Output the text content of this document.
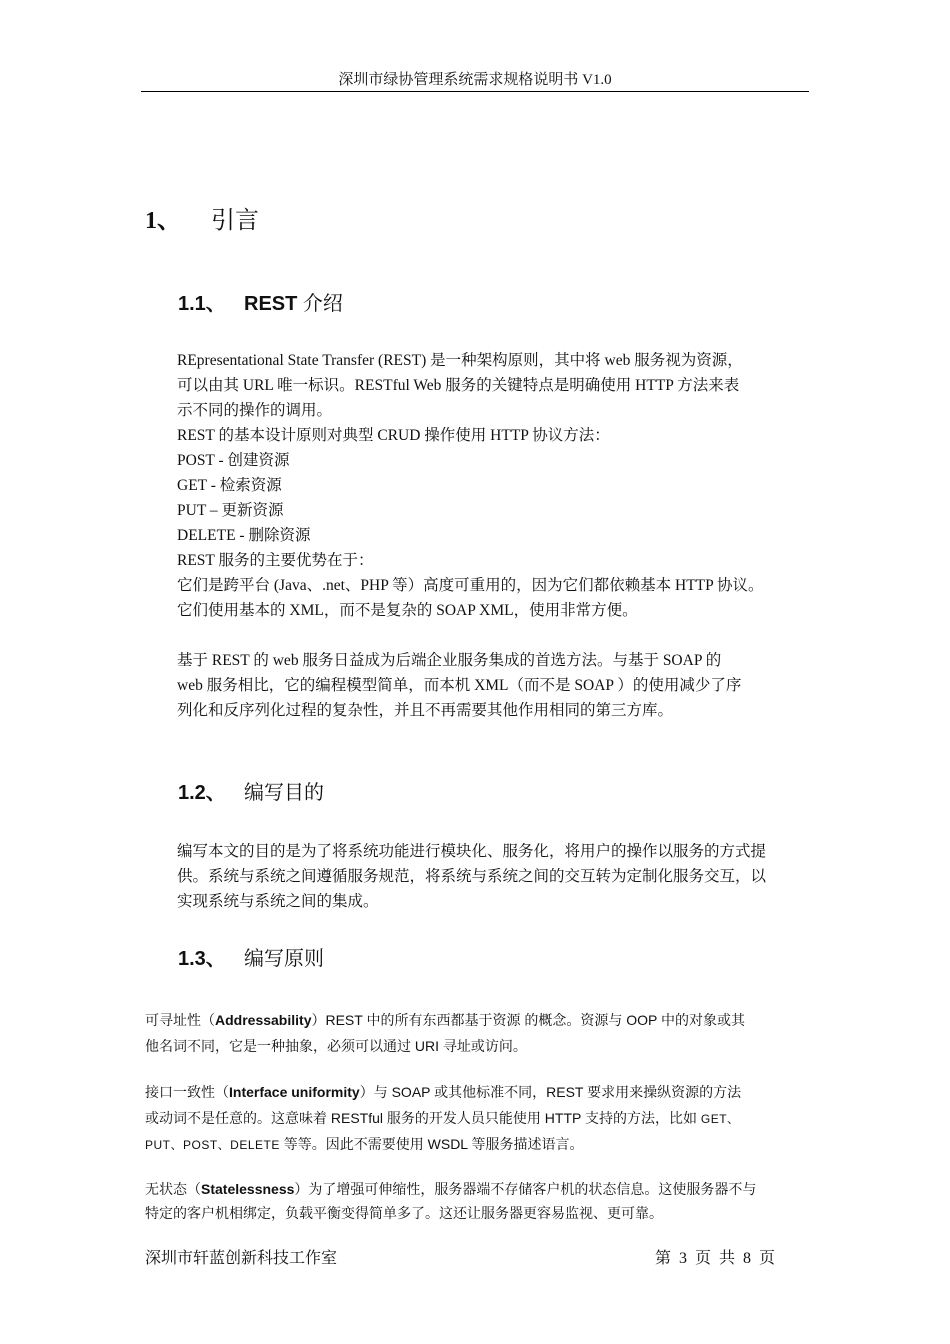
深圳市绿协管理系统需求规格说明书 V1.0
1、 引言
1.1、 REST 介绍

REpresentational State Transfer (REST) 是一种架构原则，其中将 web 服务视为资源，

可以由其 URL 唯一标识。RESTful Web 服务的关键特点是明确使用 HTTP 方法来表

示不同的操作的调用。

REST 的基本设计原则对典型 CRUD 操作使用 HTTP 协议方法：

POST - 创建资源

GET - 检索资源

PUT – 更新资源

DELETE - 删除资源

REST 服务的主要优势在于：

它们是跨平台 (Java、.net、PHP 等）高度可重用的，因为它们都依赖基本 HTTP 协议。

它们使用基本的 XML，而不是复杂的 SOAP XML，使用非常方便。

基于 REST 的 web 服务日益成为后端企业服务集成的首选方法。与基于 SOAP 的

web 服务相比，它的编程模型简单，而本机 XML（而不是 SOAP ）的使用减少了序

列化和反序列化过程的复杂性，并且不再需要其他作用相同的第三方库。

1.2、 编写目的

编写本文的目的是为了将系统功能进行模块化、服务化，将用户的操作以服务的方式提

供。系统与系统之间遵循服务规范，将系统与系统之间的交互转为定制化服务交互，以

实现系统与系统之间的集成。

1.3、 编写原则

可寻址性（Addressability）REST 中的所有东西都基于资源 的概念。资源与 OOP 中的对象或其

他名词不同，它是一种抽象，必须可以通过 URI 寻址或访问。

接口一致性（Interface uniformity）与 SOAP 或其他标准不同，REST 要求用来操纵资源的方法

或动词不是任意的。这意味着 RESTful 服务的开发人员只能使用 HTTP 支持的方法，比如 GET、

PUT、POST、DELETE 等等。因此不需要使用 WSDL 等服务描述语言。

无状态（Statelessness）为了增强可伸缩性，服务器端不存储客户机的状态信息。这使服务器不与

特定的客户机相绑定，负载平衡变得简单多了。这还让服务器更容易监视、更可靠。

深圳市轩蓝创新科技工作室	第 3 页 共 8 页
